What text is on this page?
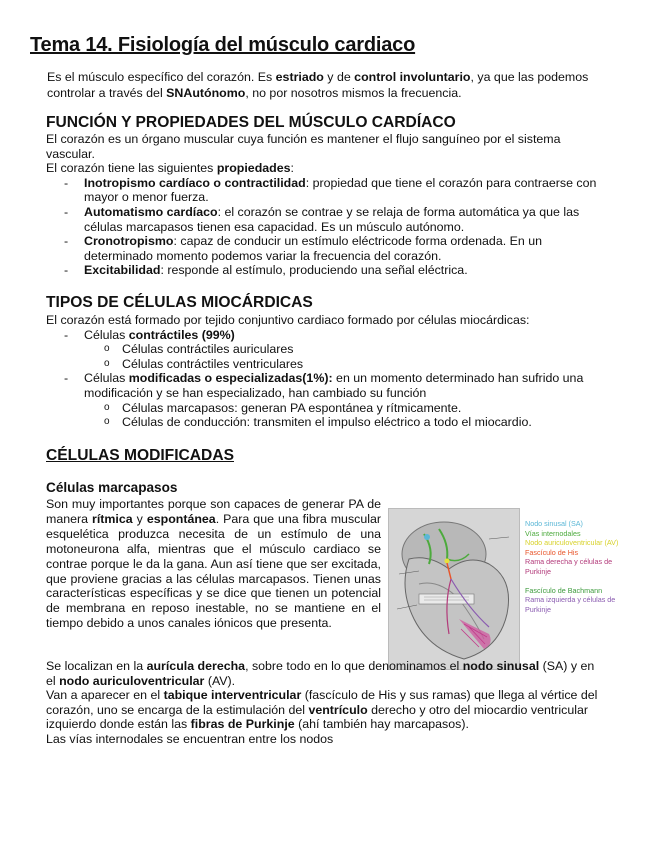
Tema 14. Fisiología del músculo cardiaco

Es el músculo específico del corazón. Es estriado y de control involuntario, ya que las podemos controlar a través del SNAutónomo, no por nosotros mismos la frecuencia.

FUNCIÓN Y PROPIEDADES DEL MÚSCULO CARDÍACO

El corazón es un órgano muscular cuya función es mantener el flujo sanguíneo por el sistema vascular.

El corazón tiene las siguientes propiedades:

- Inotropismo cardíaco o contractilidad: propiedad que tiene el corazón para contraerse con mayor o menor fuerza.
- Automatismo cardíaco: el corazón se contrae y se relaja de forma automática ya que las células marcapasos tienen esa capacidad. Es un músculo autónomo.
- Cronotropismo: capaz de conducir un estímulo eléctricode forma ordenada. En un determinado momento podemos variar la frecuencia del corazón.
- Excitabilidad: responde al estímulo, produciendo una señal eléctrica.
TIPOS DE CÉLULAS MIOCÁRDICAS

El corazón está formado por tejido conjuntivo cardiaco formado por células miocárdicas:

- Células contráctiles (99%)
o Células contráctiles auriculares
o Células contráctiles ventriculares
- Células modificadas o especializadas(1%): en un momento determinado han sufrido una modificación y se han especializado, han cambiado su función
o Células marcapasos: generan PA espontánea y rítmicamente.
o Células de conducción: transmiten el impulso eléctrico a todo el miocardio.
CÉLULAS MODIFICADAS
Células marcapasos

Son muy importantes porque son capaces de generar PA de manera rítmica y espontánea. Para que una fibra muscular esquelética produzca necesita de un estímulo de una motoneurona alfa, mientras que el músculo cardiaco se contrae porque le da la gana. Aun así tiene que ser excitada, que proviene gracias a las células marcapasos. Tienen unas características específicas y se dice que tienen un potencial de membrana en reposo inestable, no se mantiene en el tiempo debido a unos canales iónicos que presenta.

Nodo sinusal (SA)
Vías internodales
Nodo auriculoventricular (AV)
Fascículo de His
Rama derecha y células de
Purkinje
Fascículo de Bachmann
Rama izquierda y células de
Purkinje

Se localizan en la aurícula derecha, sobre todo en lo que denominamos el nodo sinusal (SA) y en el nodo auriculoventricular (AV).

Van a aparecer en el tabique interventricular (fascículo de His y sus ramas) que llega al vértice del corazón, uno se encarga de la estimulación del ventrículo derecho y otro del miocardio ventricular izquierdo donde están las fibras de Purkinje (ahí también hay marcapasos).

Las vías internodales se encuentran entre los nodos
